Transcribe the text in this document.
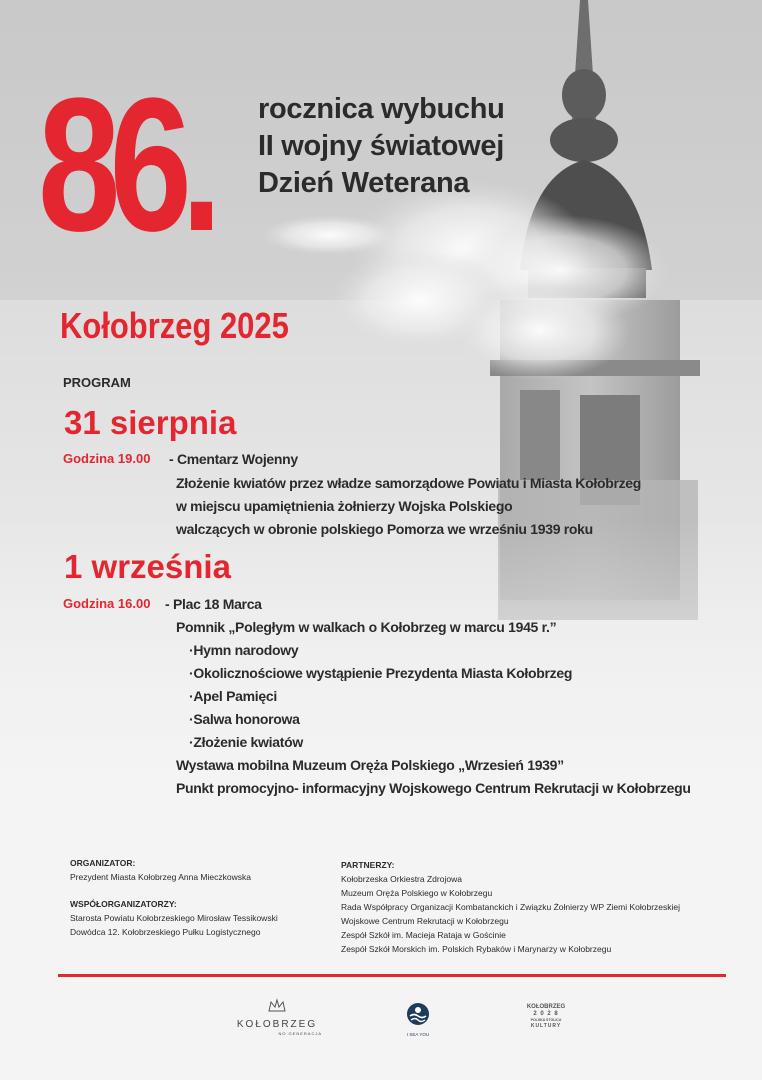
86. rocznica wybuchu
II wojny światowej
Dzień Weterana
Kołobrzeg 2025
PROGRAM
31 sierpnia
Godzina 19.00 - Cmentarz Wojenny
Złożenie kwiatów przez władze samorządowe Powiatu i Miasta Kołobrzeg
w miejscu upamiętnienia żołnierzy Wojska Polskiego
walczących w obronie polskiego Pomorza we wrześniu 1939 roku
1 września
Godzina 16.00 - Plac 18 Marca
Pomnik „Poległym w walkach o Kołobrzeg w marcu 1945 r.”
·Hymn narodowy
·Okolicznościowe wystąpienie Prezydenta Miasta Kołobrzeg
·Apel Pamięci
·Salwa honorowa
·Złożenie kwiatów
Wystawa mobilna Muzeum Oręża Polskiego „Wrzesień 1939”
Punkt promocyjno- informacyjny Wojskowego Centrum Rekrutacji w Kołobrzegu
ORGANIZATOR:
Prezydent Miasta Kołobrzeg Anna Mieczkowska
WSPÓŁORGANIZATORZY:
Starosta Powiatu Kołobrzeskiego Mirosław Tessikowski
Dowódca 12. Kołobrzeskiego Pułku Logistycznego
PARTNERZY:
Kołobrzeska Orkiestra Zdrojowa
Muzeum Oręża Polskiego w Kołobrzegu
Rada Współpracy Organizacji Kombatanckich i Związku Żołnierzy WP Ziemi Kołobrzeskiej
Wojskowe Centrum Rekrutacji w Kołobrzegu
Zespół Szkół im. Macieja Rataja w Gościnie
Zespół Szkół Morskich im. Polskich Rybaków i Marynarzy w Kołobrzegu
KOŁOBRZEG
NO GENERACJA	I SEA YOU
KOŁOBRZEG
2 0 2 8
POLSKA STOLICA
KULTURY
